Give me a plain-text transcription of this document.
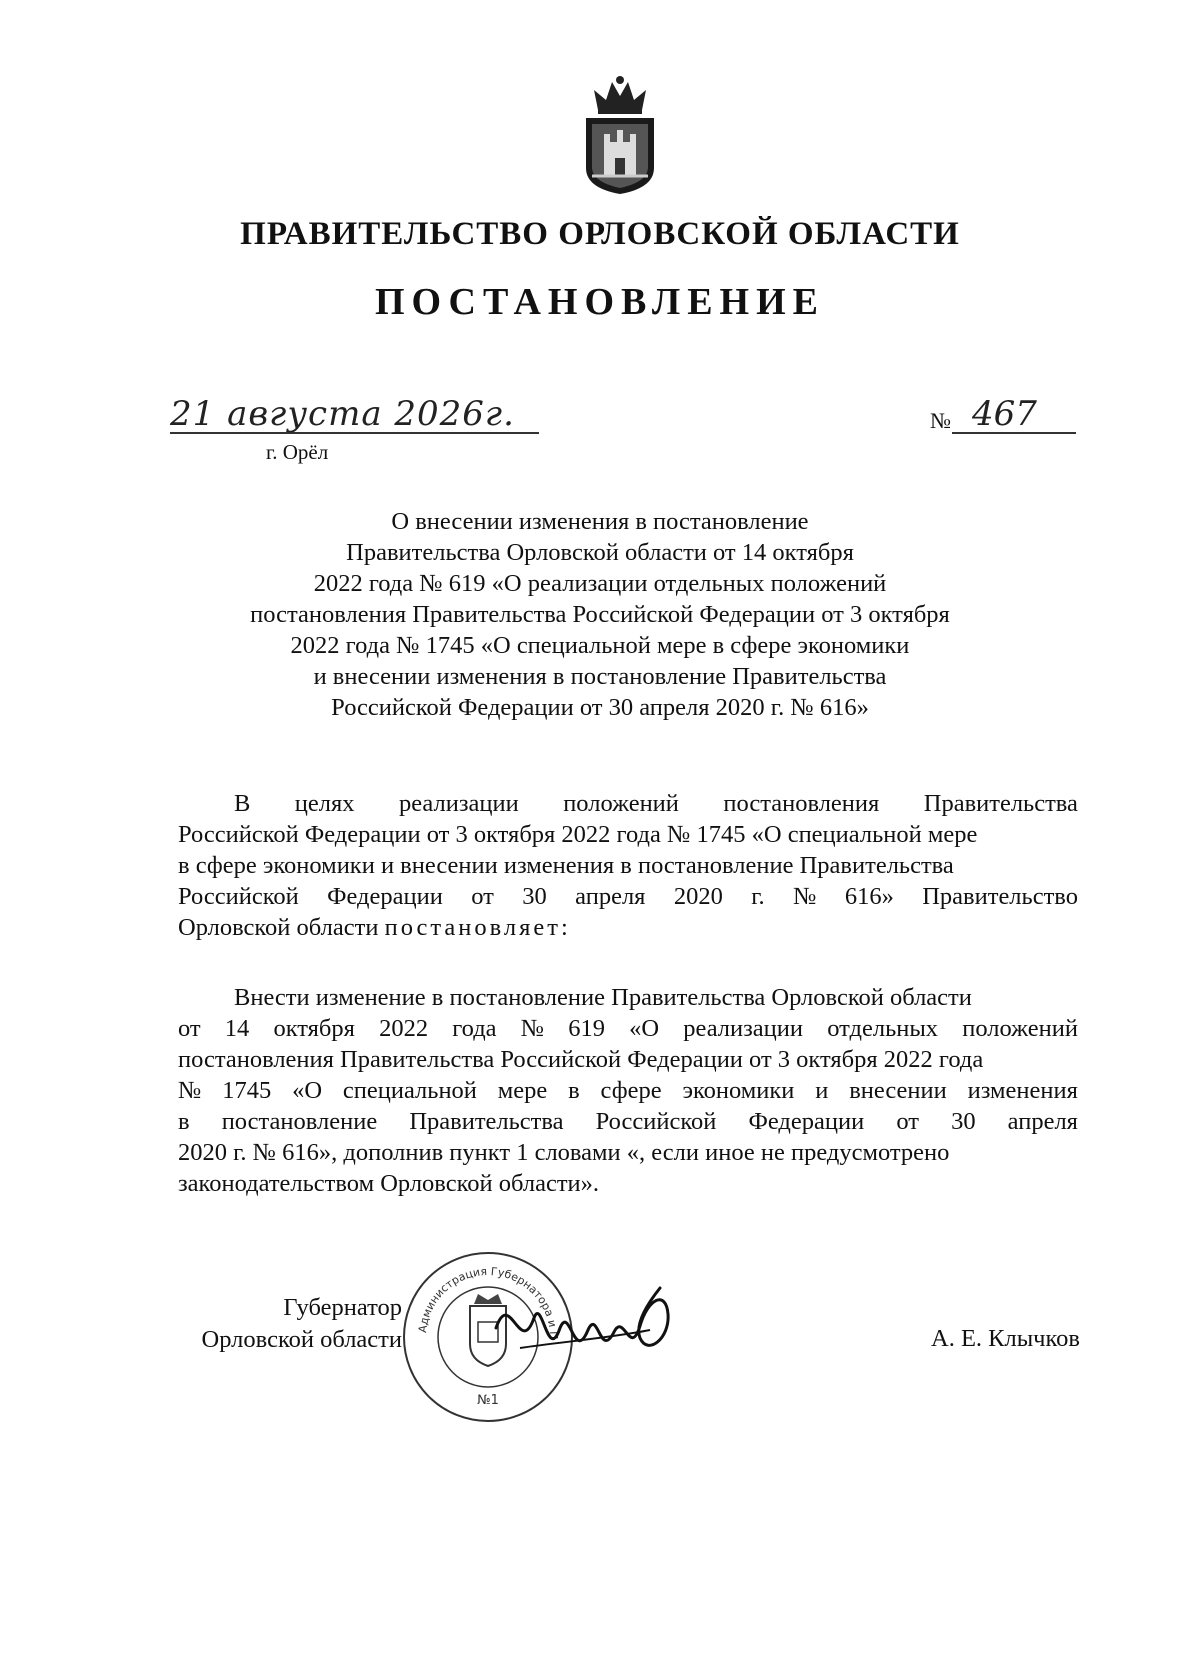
ПРАВИТЕЛЬСТВО ОРЛОВСКОЙ ОБЛАСТИ
ПОСТАНОВЛЕНИЕ
21 августа 2026г.
г. Орёл
№ 467
О внесении изменения в постановление
Правительства Орловской области от 14 октября
2022 года № 619 «О реализации отдельных положений
постановления Правительства Российской Федерации от 3 октября
2022 года № 1745 «О специальной мере в сфере экономики
и внесении изменения в постановление Правительства
Российской Федерации от 30 апреля 2020 г. № 616»
В целях реализации положений постановления Правительства
Российской Федерации от 3 октября 2022 года № 1745 «О специальной мере
в сфере экономики и внесении изменения в постановление Правительства
Российской Федерации от 30 апреля 2020 г. № 616» Правительство
Орловской области постановляет:
Внести изменение в постановление Правительства Орловской области
от 14 октября 2022 года № 619 «О реализации отдельных положений
постановления Правительства Российской Федерации от 3 октября 2022 года
№ 1745 «О специальной мере в сфере экономики и внесении изменения
в постановление Правительства Российской Федерации от 30 апреля
2020 г. № 616», дополнив пункт 1 словами «, если иное не предусмотрено
законодательством Орловской области».
Губернатор
Орловской области	Администрация Губернатора и П
№1
А. Е. Клычков
